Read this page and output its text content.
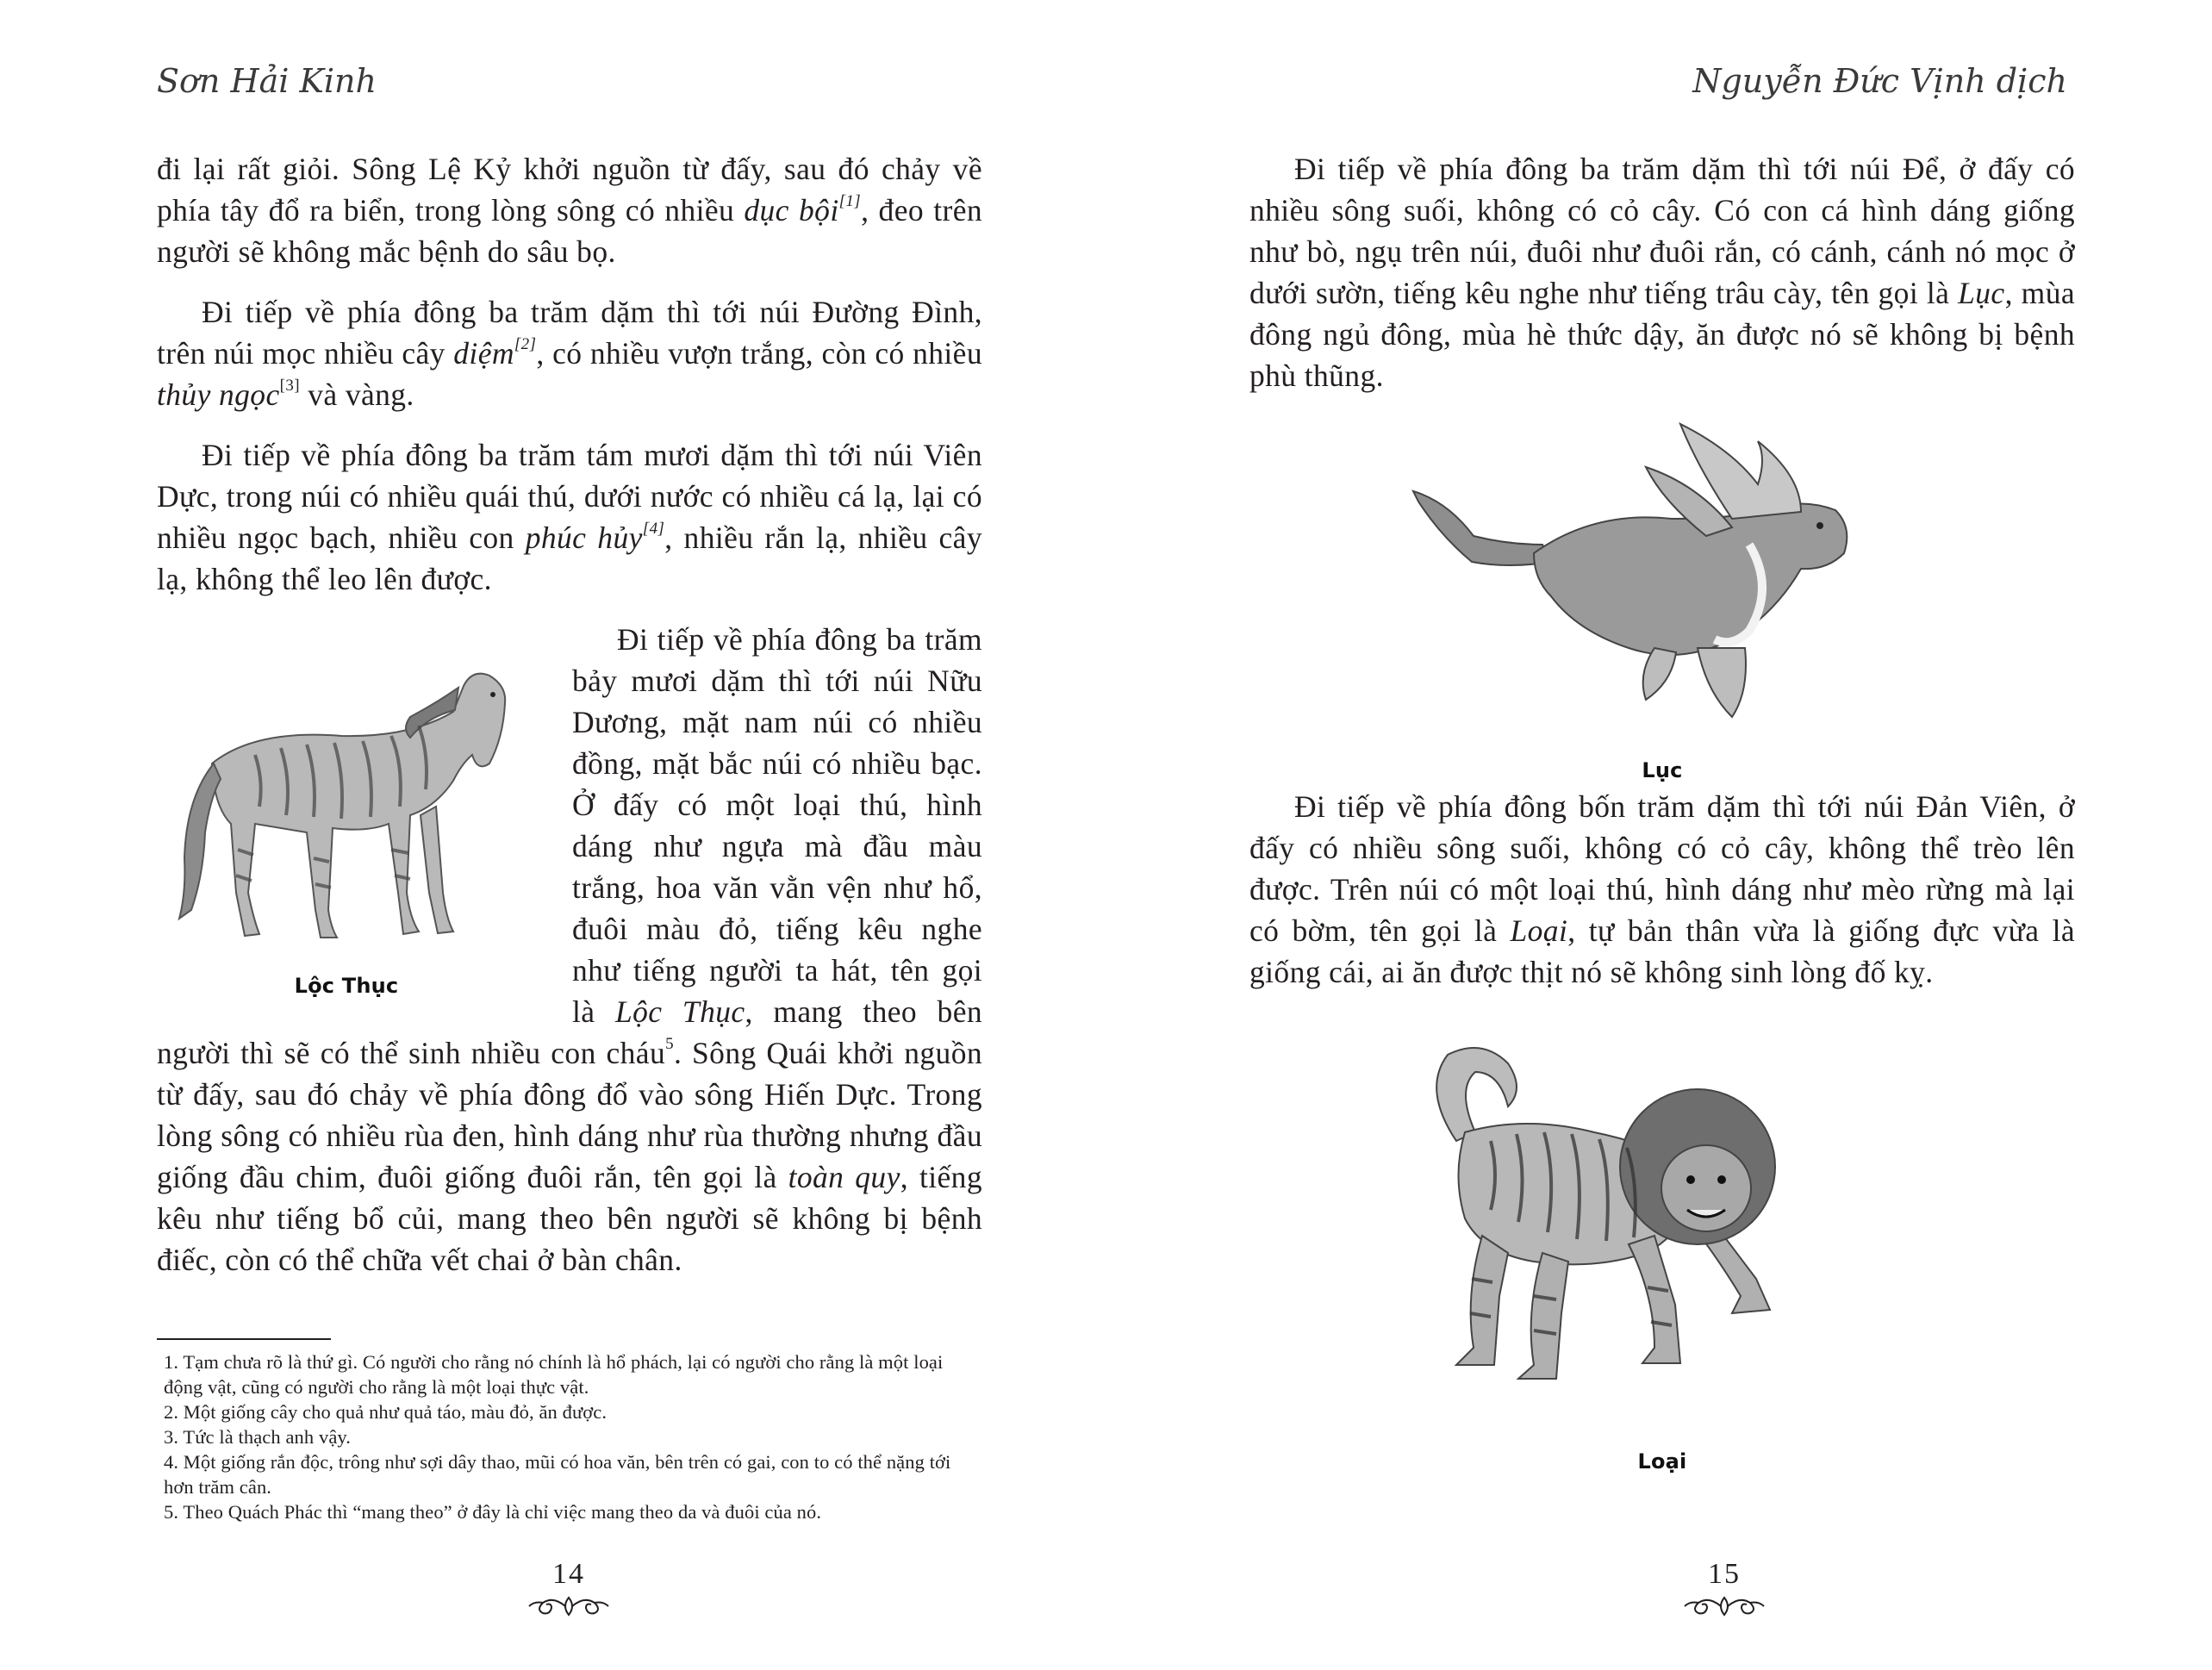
Sơn Hải Kinh

đi lại rất giỏi. Sông Lệ Kỷ khởi nguồn từ đấy, sau đó chảy về phía tây đổ ra biển, trong lòng sông có nhiều dục bội[1], đeo trên người sẽ không mắc bệnh do sâu bọ.

Đi tiếp về phía đông ba trăm dặm thì tới núi Đường Đình, trên núi mọc nhiều cây diệm[2], có nhiều vượn trắng, còn có nhiều thủy ngọc[3] và vàng.

Đi tiếp về phía đông ba trăm tám mươi dặm thì tới núi Viên Dực, trong núi có nhiều quái thú, dưới nước có nhiều cá lạ, lại có nhiều ngọc bạch, nhiều con phúc hủy[4], nhiều rắn lạ, nhiều cây lạ, không thể leo lên được.

Lộc Thục

Đi tiếp về phía đông ba trăm bảy mươi dặm thì tới núi Nữu Dương, mặt nam núi có nhiều đồng, mặt bắc núi có nhiều bạc. Ở đấy có một loại thú, hình dáng như ngựa mà đầu màu trắng, hoa văn vằn vện như hổ, đuôi màu đỏ, tiếng kêu nghe như tiếng người ta hát, tên gọi là Lộc Thục, mang theo bên người thì sẽ có thể sinh nhiều con cháu$^5$. Sông Quái khởi nguồn từ đấy, sau đó chảy về phía đông đổ vào sông Hiến Dực. Trong lòng sông có nhiều rùa đen, hình dáng như rùa thường nhưng đầu giống đầu chim, đuôi giống đuôi rắn, tên gọi là toàn quy, tiếng kêu như tiếng bổ củi, mang theo bên người sẽ không bị bệnh điếc, còn có thể chữa vết chai ở bàn chân.

1. Tạm chưa rõ là thứ gì. Có người cho rằng nó chính là hổ phách, lại có người cho rằng là một loại động vật, cũng có người cho rằng là một loại thực vật.
2. Một giống cây cho quả như quả táo, màu đỏ, ăn được.
3. Tức là thạch anh vậy.
4. Một giống rắn độc, trông như sợi dây thao, mũi có hoa văn, bên trên có gai, con to có thể nặng tới hơn trăm cân.
5. Theo Quách Phác thì “mang theo” ở đây là chỉ việc mang theo da và đuôi của nó.
14
Nguyễn Đức Vịnh dịch

Đi tiếp về phía đông ba trăm dặm thì tới núi Để, ở đấy có nhiều sông suối, không có cỏ cây. Có con cá hình dáng giống như bò, ngụ trên núi, đuôi như đuôi rắn, có cánh, cánh nó mọc ở dưới sườn, tiếng kêu nghe như tiếng trâu cày, tên gọi là Lục, mùa đông ngủ đông, mùa hè thức dậy, ăn được nó sẽ không bị bệnh phù thũng.

Lục

Đi tiếp về phía đông bốn trăm dặm thì tới núi Đản Viên, ở đấy có nhiều sông suối, không có cỏ cây, không thể trèo lên được. Trên núi có một loại thú, hình dáng như mèo rừng mà lại có bờm, tên gọi là Loại, tự bản thân vừa là giống đực vừa là giống cái, ai ăn được thịt nó sẽ không sinh lòng đố kỵ.

Loại
15
